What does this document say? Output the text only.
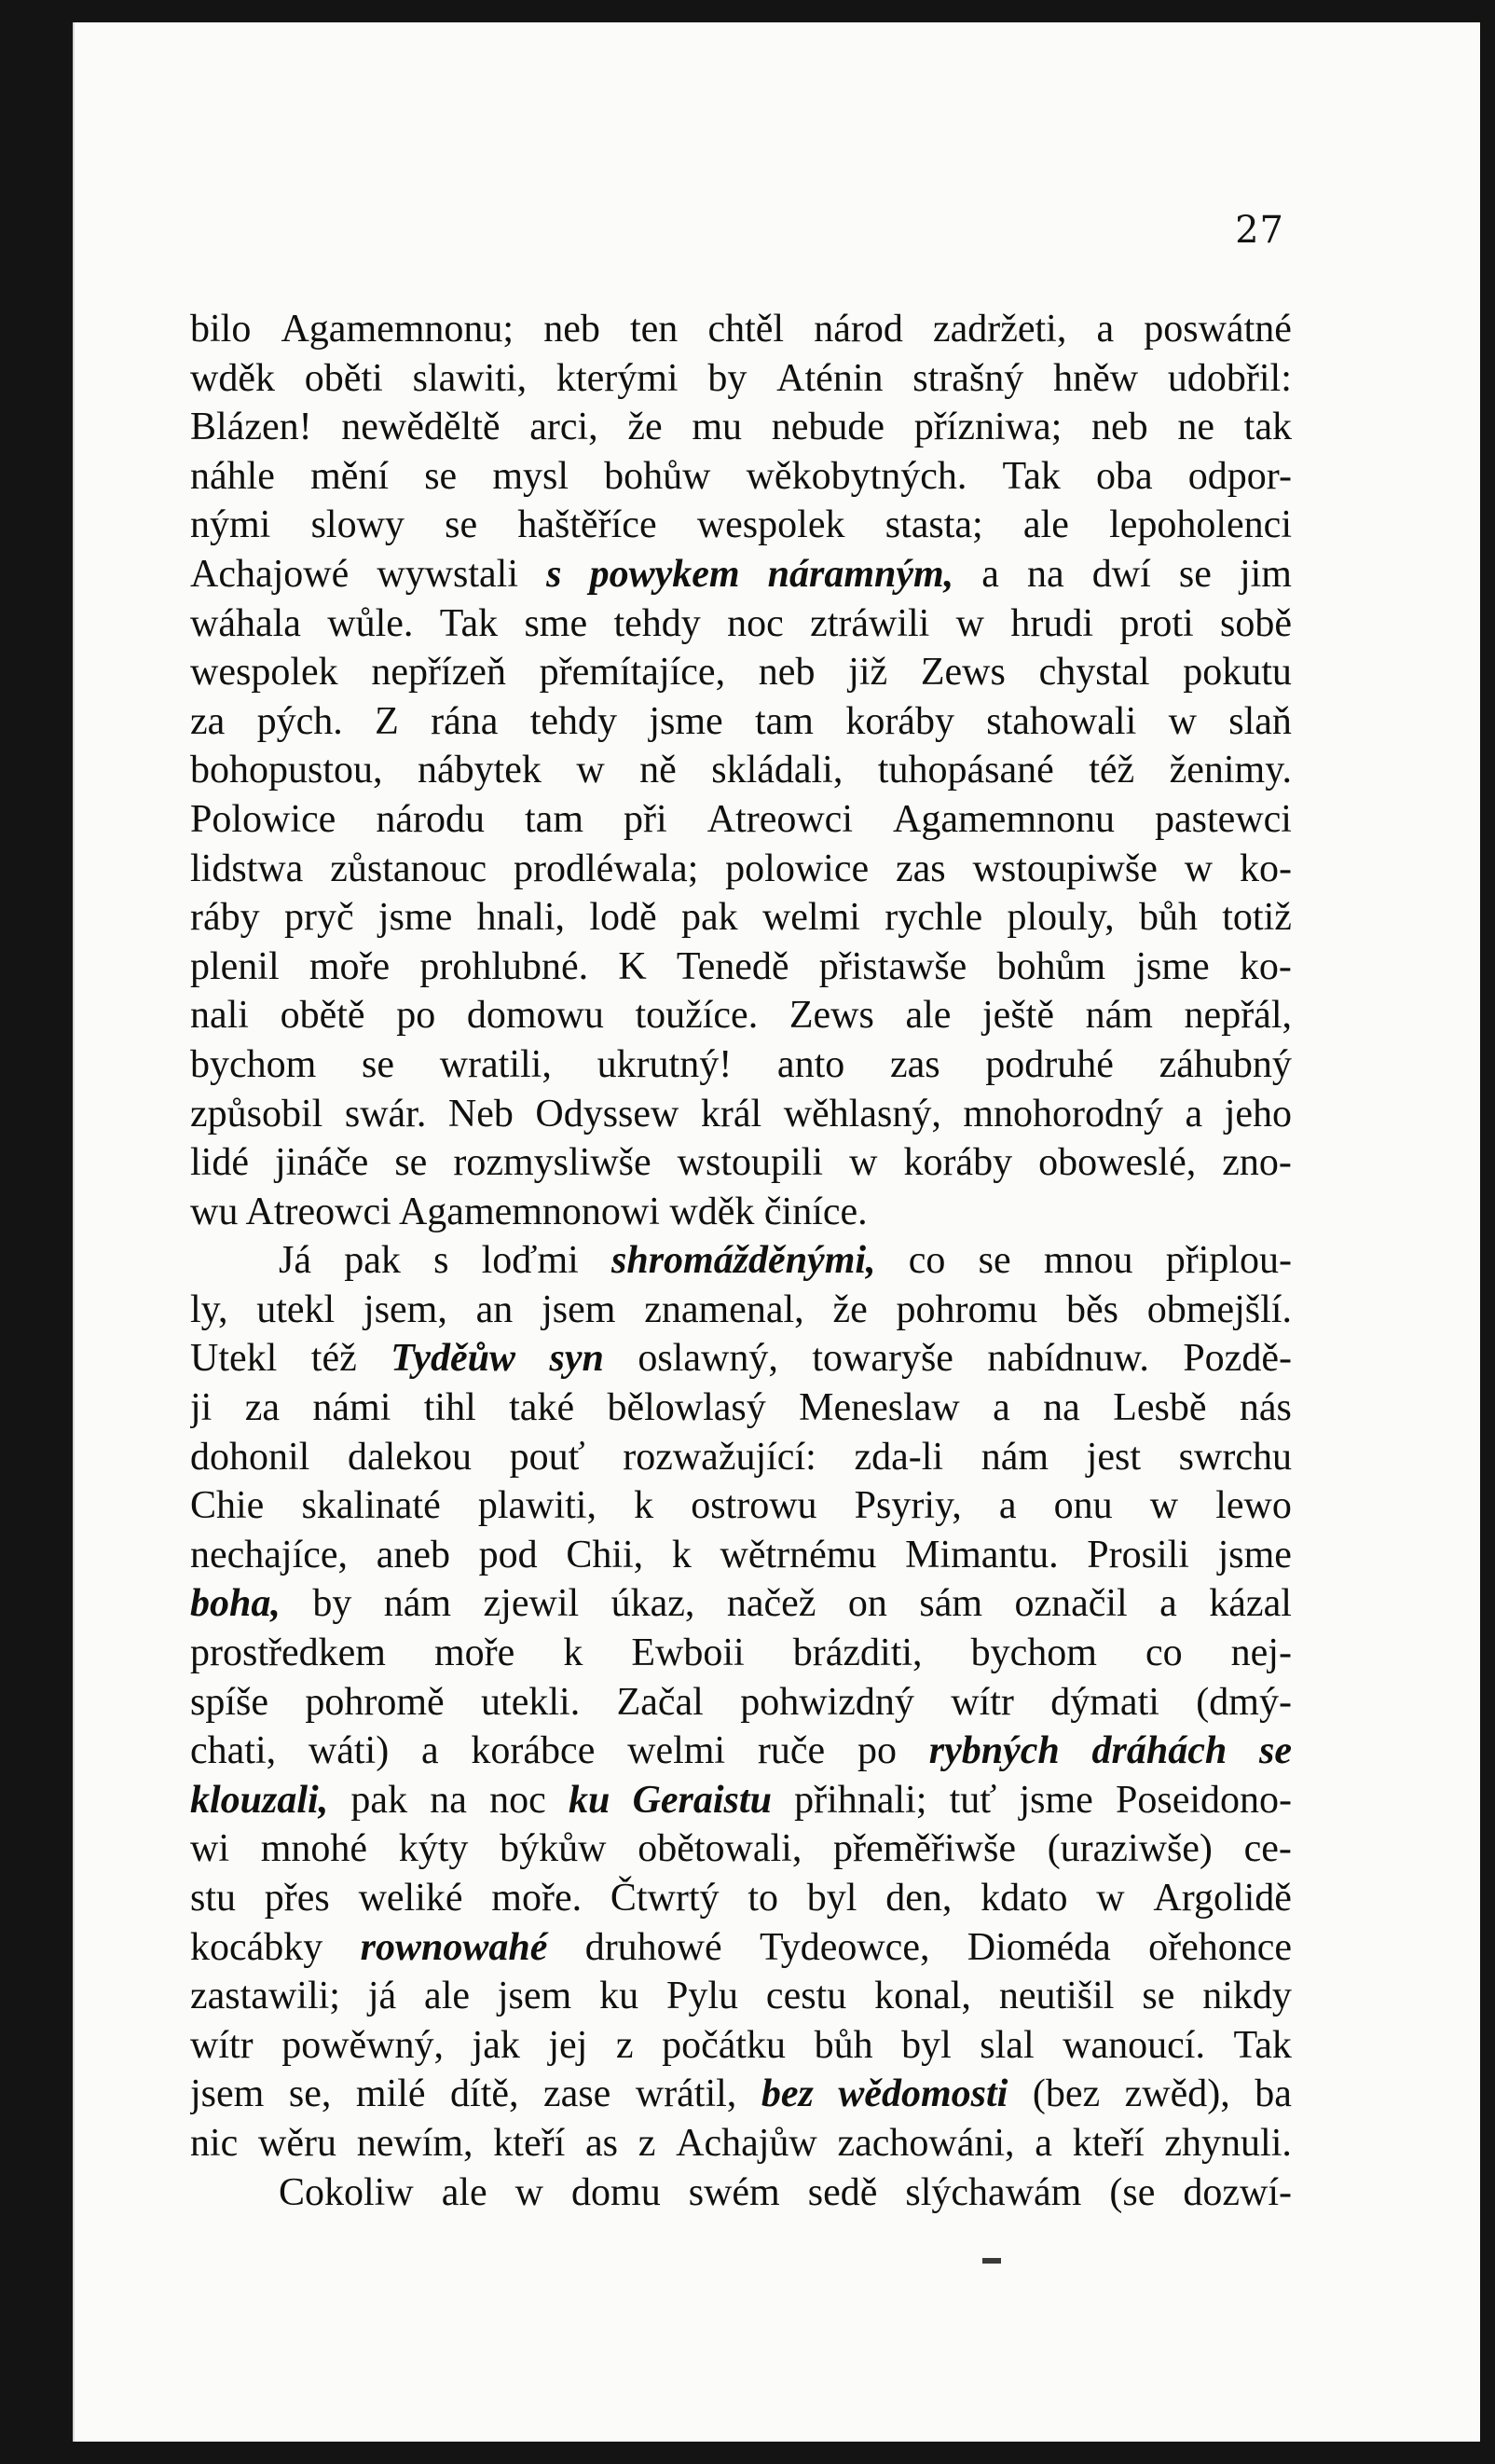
27
bilo Agamemnonu; neb ten chtěl národ zadržeti, a poswátné
wděk oběti slawiti, kterými by Aténin strašný hněw udobřil:
Blázen! newěděltě arci, že mu nebude přízniwa; neb ne tak
náhle mění se mysl bohůw wěkobytných. Tak oba odpor-
nými slowy se haštěříce wespolek stasta; ale lepoholenci
Achajowé wywstali s powykem náramným, a na dwí se jim
wáhala wůle. Tak sme tehdy noc ztráwili w hrudi proti sobě
wespolek nepřízeň přemítajíce, neb již Zews chystal pokutu
za pých. Z rána tehdy jsme tam koráby stahowali w slaň
bohopustou, nábytek w ně skládali, tuhopásané též ženimy.
Polowice národu tam při Atreowci Agamemnonu pastewci
lidstwa zůstanouc prodléwala; polowice zas wstoupiwše w ko-
ráby pryč jsme hnali, lodě pak welmi rychle plouly, bůh totiž
plenil moře prohlubné. K Tenedě přistawše bohům jsme ko-
nali obětě po domowu toužíce. Zews ale ještě nám nepřál,
bychom se wratili, ukrutný! anto zas podruhé záhubný
způsobil swár. Neb Odyssew král wěhlasný, mnohorodný a jeho
lidé jináče se rozmysliwše wstoupili w koráby oboweslé, zno-
wu Atreowci Agamemnonowi wděk činíce.
Já pak s loďmi shromážděnými, co se mnou připlou-
ly, utekl jsem, an jsem znamenal, že pohromu běs obmejšlí.
Utekl též Tyděůw syn oslawný, towaryše nabídnuw. Pozdě-
ji za námi tihl také bělowlasý Meneslaw a na Lesbě nás
dohonil dalekou pouť rozwažující: zda-li nám jest swrchu
Chie skalinaté plawiti, k ostrowu Psyriy, a onu w lewo
nechajíce, aneb pod Chii, k wětrnému Mimantu. Prosili jsme
boha, by nám zjewil úkaz, načež on sám označil a kázal
prostředkem moře k Ewboii brázditi, bychom co nej-
spíše pohromě utekli. Začal pohwizdný wítr dýmati (dmý-
chati, wáti) a korábce welmi ruče po rybných dráhách se
klouzali, pak na noc ku Geraistu přihnali; tuť jsme Poseidono-
wi mnohé kýty býkůw obětowali, přeměřiwše (uraziwše) ce-
stu přes weliké moře. Čtwrtý to byl den, kdato w Argolidě
kocábky rownowahé druhowé Tydeowce, Dioméda ořehonce
zastawili; já ale jsem ku Pylu cestu konal, neutišil se nikdy
wítr powěwný, jak jej z počátku bůh byl slal wanoucí. Tak
jsem se, milé dítě, zase wrátil, bez wědomosti (bez zwěd), ba
nic wěru newím, kteří as z Achajůw zachowáni, a kteří zhynuli.
Cokoliw ale w domu swém sedě slýchawám (se dozwí-
